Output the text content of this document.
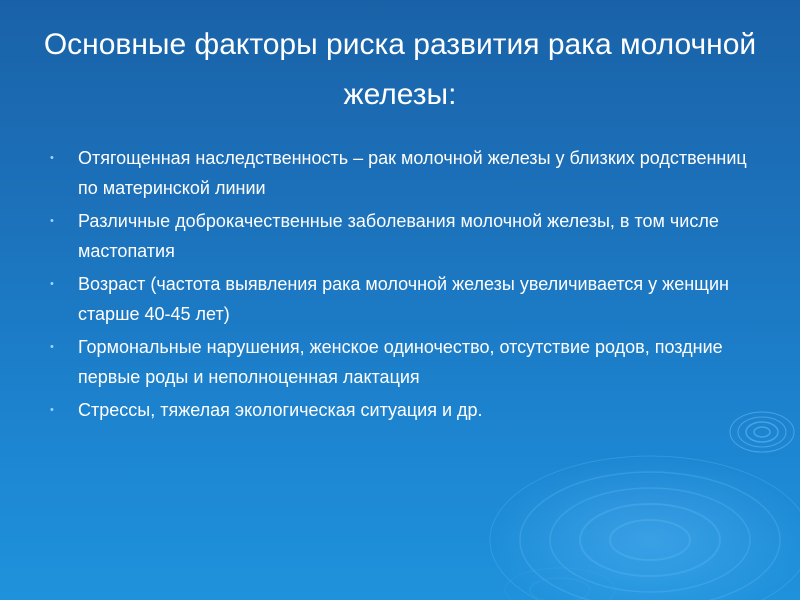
Основные факторы риска развития рака молочной железы:
•	Отягощенная наследственность – рак молочной железы у близких родственниц по материнской линии
•	Различные доброкачественные заболевания молочной железы, в том числе мастопатия
•	Возраст (частота выявления рака молочной железы увеличивается у женщин старше 40-45 лет)
•	Гормональные нарушения, женское одиночество, отсутствие родов, поздние первые роды и неполноценная лактация
•	Стрессы, тяжелая экологическая ситуация и др.
